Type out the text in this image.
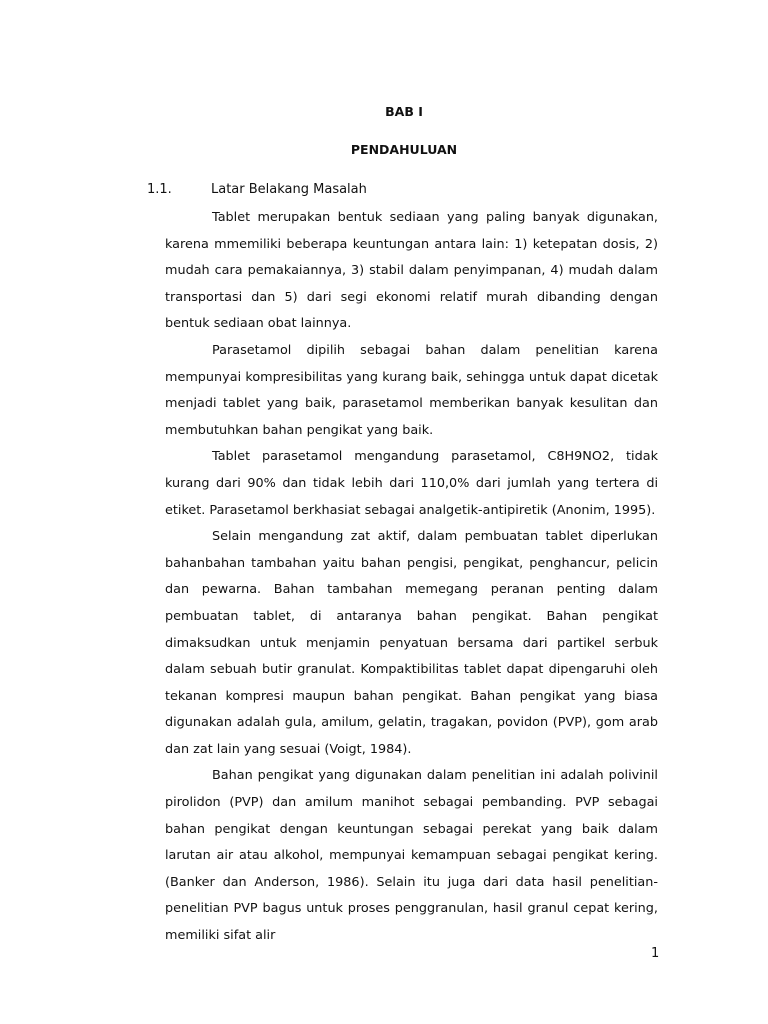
BAB I
PENDAHULUAN
1.1.	Latar Belakang Masalah

Tablet merupakan bentuk sediaan yang paling banyak digunakan, karena mmemiliki beberapa keuntungan antara lain: 1) ketepatan dosis, 2) mudah cara pemakaiannya, 3) stabil dalam penyimpanan, 4) mudah dalam transportasi dan 5) dari segi ekonomi relatif murah dibanding dengan bentuk sediaan obat lainnya.

Parasetamol dipilih sebagai bahan dalam penelitian karena mempunyai kompresibilitas yang kurang baik, sehingga untuk dapat dicetak menjadi tablet yang baik, parasetamol memberikan banyak kesulitan dan membutuhkan bahan pengikat yang baik.

Tablet parasetamol mengandung parasetamol, C8H9NO2, tidak kurang dari 90% dan tidak lebih dari 110,0% dari jumlah yang tertera di etiket. Parasetamol berkhasiat sebagai analgetik-antipiretik (Anonim, 1995).

Selain mengandung zat aktif, dalam pembuatan tablet diperlukan bahanbahan tambahan yaitu bahan pengisi, pengikat, penghancur, pelicin dan pewarna. Bahan tambahan memegang peranan penting dalam pembuatan tablet, di antaranya bahan pengikat. Bahan pengikat dimaksudkan untuk menjamin penyatuan bersama dari partikel serbuk dalam sebuah butir granulat. Kompaktibilitas tablet dapat dipengaruhi oleh tekanan kompresi maupun bahan pengikat. Bahan pengikat yang biasa digunakan adalah gula, amilum, gelatin, tragakan, povidon (PVP), gom arab dan zat lain yang sesuai (Voigt, 1984).

Bahan pengikat yang digunakan dalam penelitian ini adalah polivinil pirolidon (PVP) dan amilum manihot sebagai pembanding. PVP sebagai bahan pengikat dengan keuntungan sebagai perekat yang baik dalam larutan air atau alkohol, mempunyai kemampuan sebagai pengikat kering. (Banker dan Anderson, 1986). Selain itu juga dari data hasil penelitian-penelitian PVP bagus untuk proses penggranulan, hasil granul cepat kering, memiliki sifat alir

1
